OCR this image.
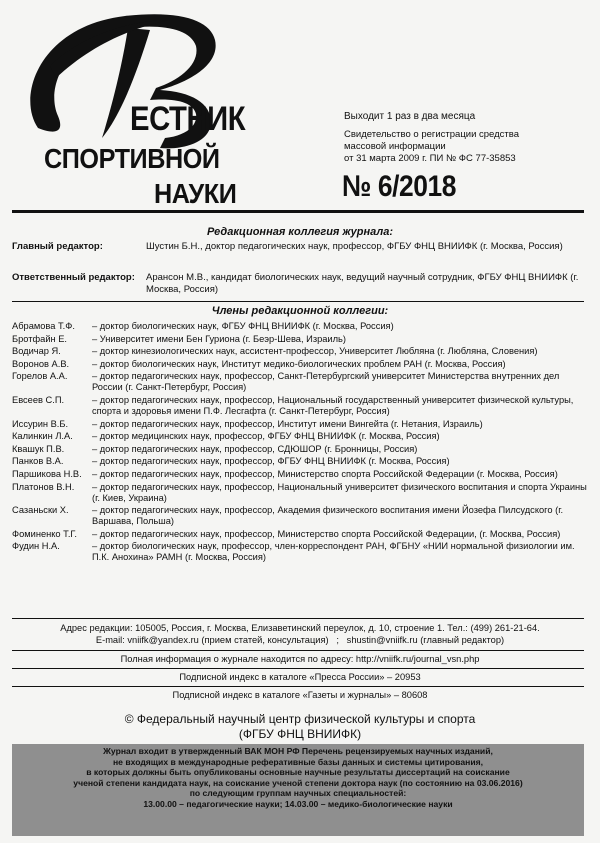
ЕСТНИК
СПОРТИВНОЙ
НАУКИ
Выходит 1 раз в два месяца
Свидетельство о регистрации средства
массовой информации
от 31 марта 2009 г. ПИ № ФС 77-35853
№ 6/2018
Редакционная коллегия журнала:
Главный редактор:	Шустин Б.Н., доктор педагогических наук, профессор, ФГБУ ФНЦ ВНИИФК (г. Москва, Россия)
Ответственный редактор: Арансон М.В., кандидат биологических наук, ведущий научный сотрудник, ФГБУ ФНЦ ВНИИФК (г. Москва, Россия)
Члены редакционной коллегии:
Абрамова Т.Ф.	– доктор биологических наук, ФГБУ ФНЦ ВНИИФК (г. Москва, Россия)
Бротфайн Е.	– Университет имени Бен Гуриона (г. Беэр-Шева, Израиль)
Водичар Я.	– доктор кинезиологических наук, ассистент-профессор, Университет Любляна (г. Любляна, Словения)
Воронов А.В.	– доктор биологических наук, Институт медико-биологических проблем РАН (г. Москва, Россия)
Горелов А.А.	– доктор педагогических наук, профессор, Санкт-Петербургский университет Министерства внутренних дел России (г. Санкт-Петербург, Россия)
Евсеев С.П.	– доктор педагогических наук, профессор, Национальный государственный университет физической культуры, спорта и здоровья имени П.Ф. Лесгафта (г. Санкт-Петербург, Россия)
Иссурин В.Б.	– доктор педагогических наук, профессор, Институт имени Вингейта (г. Нетания, Израиль)
Калинкин Л.А.	– доктор медицинских наук, профессор, ФГБУ ФНЦ ВНИИФК (г. Москва, Россия)
Квашук П.В.	– доктор педагогических наук, профессор, СДЮШОР (г. Бронницы, Россия)
Панков В.А.	– доктор педагогических наук, профессор, ФГБУ ФНЦ ВНИИФК (г. Москва, Россия)
Паршикова Н.В.	– доктор педагогических наук, профессор, Министерство спорта Российской Федерации (г. Москва, Россия)
Платонов В.Н.	– доктор педагогических наук, профессор, Национальный университет физического воспитания и спорта Украины (г. Киев, Украина)
Сазаньски Х.	– доктор педагогических наук, профессор, Академия физического воспитания имени Йозефа Пилсудского (г. Варшава, Польша)
Фоминенко Т.Г.	– доктор педагогических наук, профессор, Министерство спорта Российской Федерации, (г. Москва, Россия)
Фудин Н.А.	– доктор биологических наук, профессор, член-корреспондент РАН, ФГБНУ «НИИ нормальной физиологии им. П.К. Анохина» РАМН (г. Москва, Россия)
Адрес редакции: 105005, Россия, г. Москва, Елизаветинский переулок, д. 10, строение 1. Тел.: (499) 261-21-64.
E-mail: vniifk@yandex.ru (прием статей, консультация)   ;   shustin@vniifk.ru (главный редактор)
Полная информация о журнале находится по адресу: http://vniifk.ru/journal_vsn.php
Подписной индекс в каталоге «Пресса России» – 20953
Подписной индекс в каталоге «Газеты и журналы» – 80608
© Федеральный научный центр физической культуры и спорта
(ФГБУ ФНЦ ВНИИФК)
Журнал входит в утвержденный ВАК МОН РФ Перечень рецензируемых научных изданий,
не входящих в международные реферативные базы данных и системы цитирования,
в которых должны быть опубликованы основные научные результаты диссертаций на соискание
ученой степени кандидата наук, на соискание ученой степени доктора наук (по состоянию на 03.06.2016)
по следующим группам научных специальностей:
13.00.00 – педагогические науки; 14.03.00 – медико-биологические науки
